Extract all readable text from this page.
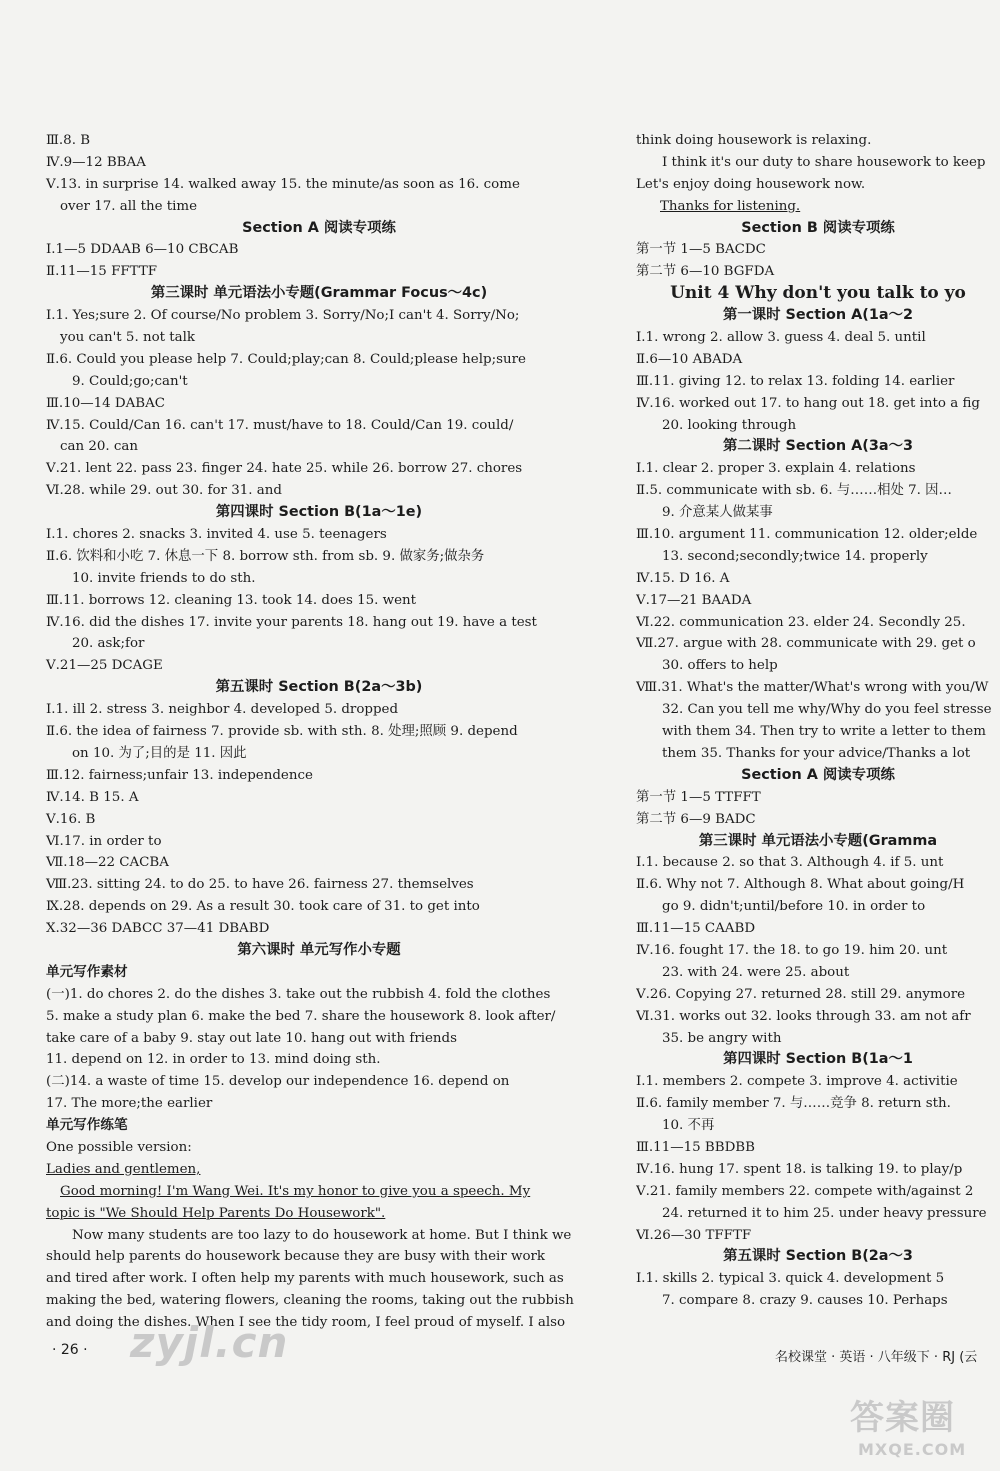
Ⅲ.8. B
Ⅳ.9—12 BBAA
Ⅴ.13. in surprise 14. walked away 15. the minute/as soon as 16. come
over 17. all the time
Section A 阅读专项练
Ⅰ.1—5 DDAAB 6—10 CBCAB
Ⅱ.11—15 FFTTF
第三课时 单元语法小专题(Grammar Focus～4c)
Ⅰ.1. Yes;sure 2. Of course/No problem 3. Sorry/No;I can't 4. Sorry/No;
you can't 5. not talk
Ⅱ.6. Could you please help 7. Could;play;can 8. Could;please help;sure
9. Could;go;can't
Ⅲ.10—14 DABAC
Ⅳ.15. Could/Can 16. can't 17. must/have to 18. Could/Can 19. could/
can 20. can
Ⅴ.21. lent 22. pass 23. finger 24. hate 25. while 26. borrow 27. chores
Ⅵ.28. while 29. out 30. for 31. and
第四课时 Section B(1a～1e)
Ⅰ.1. chores 2. snacks 3. invited 4. use 5. teenagers
Ⅱ.6. 饮料和小吃 7. 休息一下 8. borrow sth. from sb. 9. 做家务;做杂务
10. invite friends to do sth.
Ⅲ.11. borrows 12. cleaning 13. took 14. does 15. went
Ⅳ.16. did the dishes 17. invite your parents 18. hang out 19. have a test
20. ask;for
Ⅴ.21—25 DCAGE
第五课时 Section B(2a～3b)
Ⅰ.1. ill 2. stress 3. neighbor 4. developed 5. dropped
Ⅱ.6. the idea of fairness 7. provide sb. with sth. 8. 处理;照顾 9. depend
on 10. 为了;目的是 11. 因此
Ⅲ.12. fairness;unfair 13. independence
Ⅳ.14. B 15. A
Ⅴ.16. B
Ⅵ.17. in order to
Ⅶ.18—22 CACBA
Ⅷ.23. sitting 24. to do 25. to have 26. fairness 27. themselves
Ⅸ.28. depends on 29. As a result 30. took care of 31. to get into
Ⅹ.32—36 DABCC 37—41 DBABD
第六课时 单元写作小专题
单元写作素材
(一)1. do chores 2. do the dishes 3. take out the rubbish 4. fold the clothes
5. make a study plan 6. make the bed 7. share the housework 8. look after/
take care of a baby 9. stay out late 10. hang out with friends
11. depend on 12. in order to 13. mind doing sth.
(二)14. a waste of time 15. develop our independence 16. depend on
17. The more;the earlier
单元写作练笔
One possible version:
Ladies and gentlemen,
Good morning! I'm Wang Wei. It's my honor to give you a speech. My
topic is "We Should Help Parents Do Housework".
Now many students are too lazy to do housework at home. But I think we
should help parents do housework because they are busy with their work
and tired after work. I often help my parents with much housework, such as
making the bed, watering flowers, cleaning the rooms, taking out the rubbish
and doing the dishes. When I see the tidy room, I feel proud of myself. I also
think doing housework is relaxing.
I think it's our duty to share housework to keep
Let's enjoy doing housework now.
Thanks for listening.
Section B 阅读专项练
第一节 1—5 BACDC
第二节 6—10 BGFDA
Unit 4 Why don't you talk to yo
第一课时 Section A(1a～2
Ⅰ.1. wrong 2. allow 3. guess 4. deal 5. until
Ⅱ.6—10 ABADA
Ⅲ.11. giving 12. to relax 13. folding 14. earlier
Ⅳ.16. worked out 17. to hang out 18. get into a fig
20. looking through
第二课时 Section A(3a～3
Ⅰ.1. clear 2. proper 3. explain 4. relations
Ⅱ.5. communicate with sb. 6. 与……相处 7. 因…
9. 介意某人做某事
Ⅲ.10. argument 11. communication 12. older;elde
13. second;secondly;twice 14. properly
Ⅳ.15. D 16. A
Ⅴ.17—21 BAADA
Ⅵ.22. communication 23. elder 24. Secondly 25.
Ⅶ.27. argue with 28. communicate with 29. get o
30. offers to help
Ⅷ.31. What's the matter/What's wrong with you/W
32. Can you tell me why/Why do you feel stresse
with them 34. Then try to write a letter to them
them 35. Thanks for your advice/Thanks a lot
Section A 阅读专项练
第一节 1—5 TTFFT
第二节 6—9 BADC
第三课时 单元语法小专题(Gramma
Ⅰ.1. because 2. so that 3. Although 4. if 5. unt
Ⅱ.6. Why not 7. Although 8. What about going/H
go 9. didn't;until/before 10. in order to
Ⅲ.11—15 CAABD
Ⅳ.16. fought 17. the 18. to go 19. him 20. unt
23. with 24. were 25. about
Ⅴ.26. Copying 27. returned 28. still 29. anymore
Ⅵ.31. works out 32. looks through 33. am not afr
35. be angry with
第四课时 Section B(1a～1
Ⅰ.1. members 2. compete 3. improve 4. activitie
Ⅱ.6. family member 7. 与……竞争 8. return sth.
10. 不再
Ⅲ.11—15 BBDBB
Ⅳ.16. hung 17. spent 18. is talking 19. to play/p
Ⅴ.21. family members 22. compete with/against 2
24. returned it to him 25. under heavy pressure
Ⅵ.26—30 TFFTF
第五课时 Section B(2a～3
Ⅰ.1. skills 2. typical 3. quick 4. development 5
7. compare 8. crazy 9. causes 10. Perhaps
· 26 ·	名校课堂 · 英语 · 八年级下 · RJ (云
zyjl.cn
答案圈
MXQE.COM
